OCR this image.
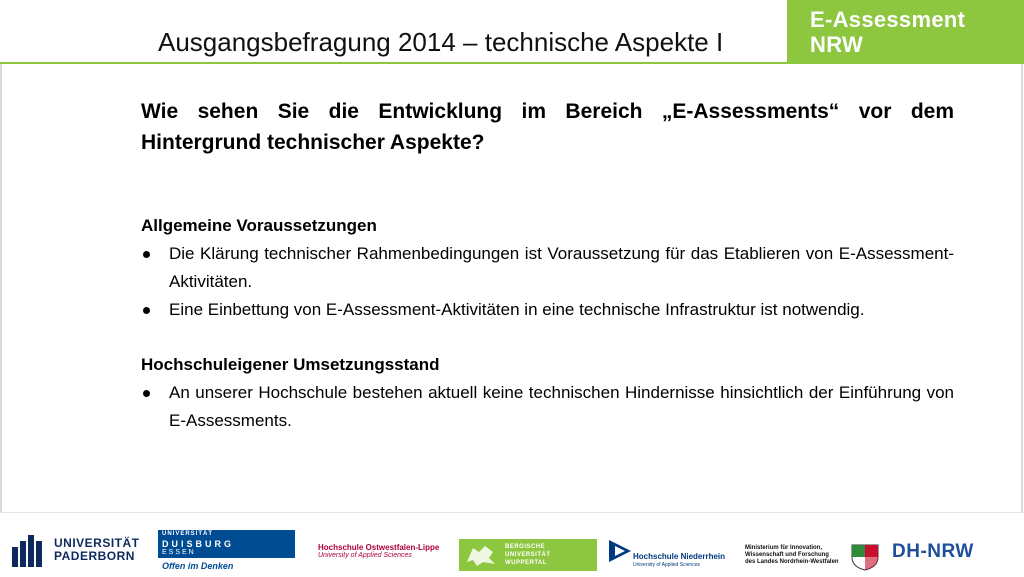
Ausgangsbefragung 2014 – technische Aspekte I
E-Assessment
NRW

Wie sehen Sie die Entwicklung im Bereich „E-Assessments“ vor dem Hintergrund technischer Aspekte?

Allgemeine Voraussetzungen

Die Klärung technischer Rahmenbedingungen ist Voraussetzung für das Etablieren von E-Assessment-Aktivitäten.
Eine Einbettung von E-Assessment-Aktivitäten in eine technische Infrastruktur ist notwendig.

Hochschuleigener Umsetzungsstand

An unserer Hochschule bestehen aktuell keine technischen Hindernisse hinsichtlich der Einführung von E-Assessments.
UNIVERSITÄT
PADERBORN
UNIVERSITÄT
DUISBURG
ESSEN
Offen im Denken
Hochschule Ostwestfalen-Lippe
University of Applied Sciences
BERGISCHE
UNIVERSITÄT
WUPPERTAL
Hochschule Niederrhein
University of Applied Sciences
Ministerium für Innovation,
Wissenschaft und Forschung
des Landes Nordrhein-Westfalen	DH-NRW
